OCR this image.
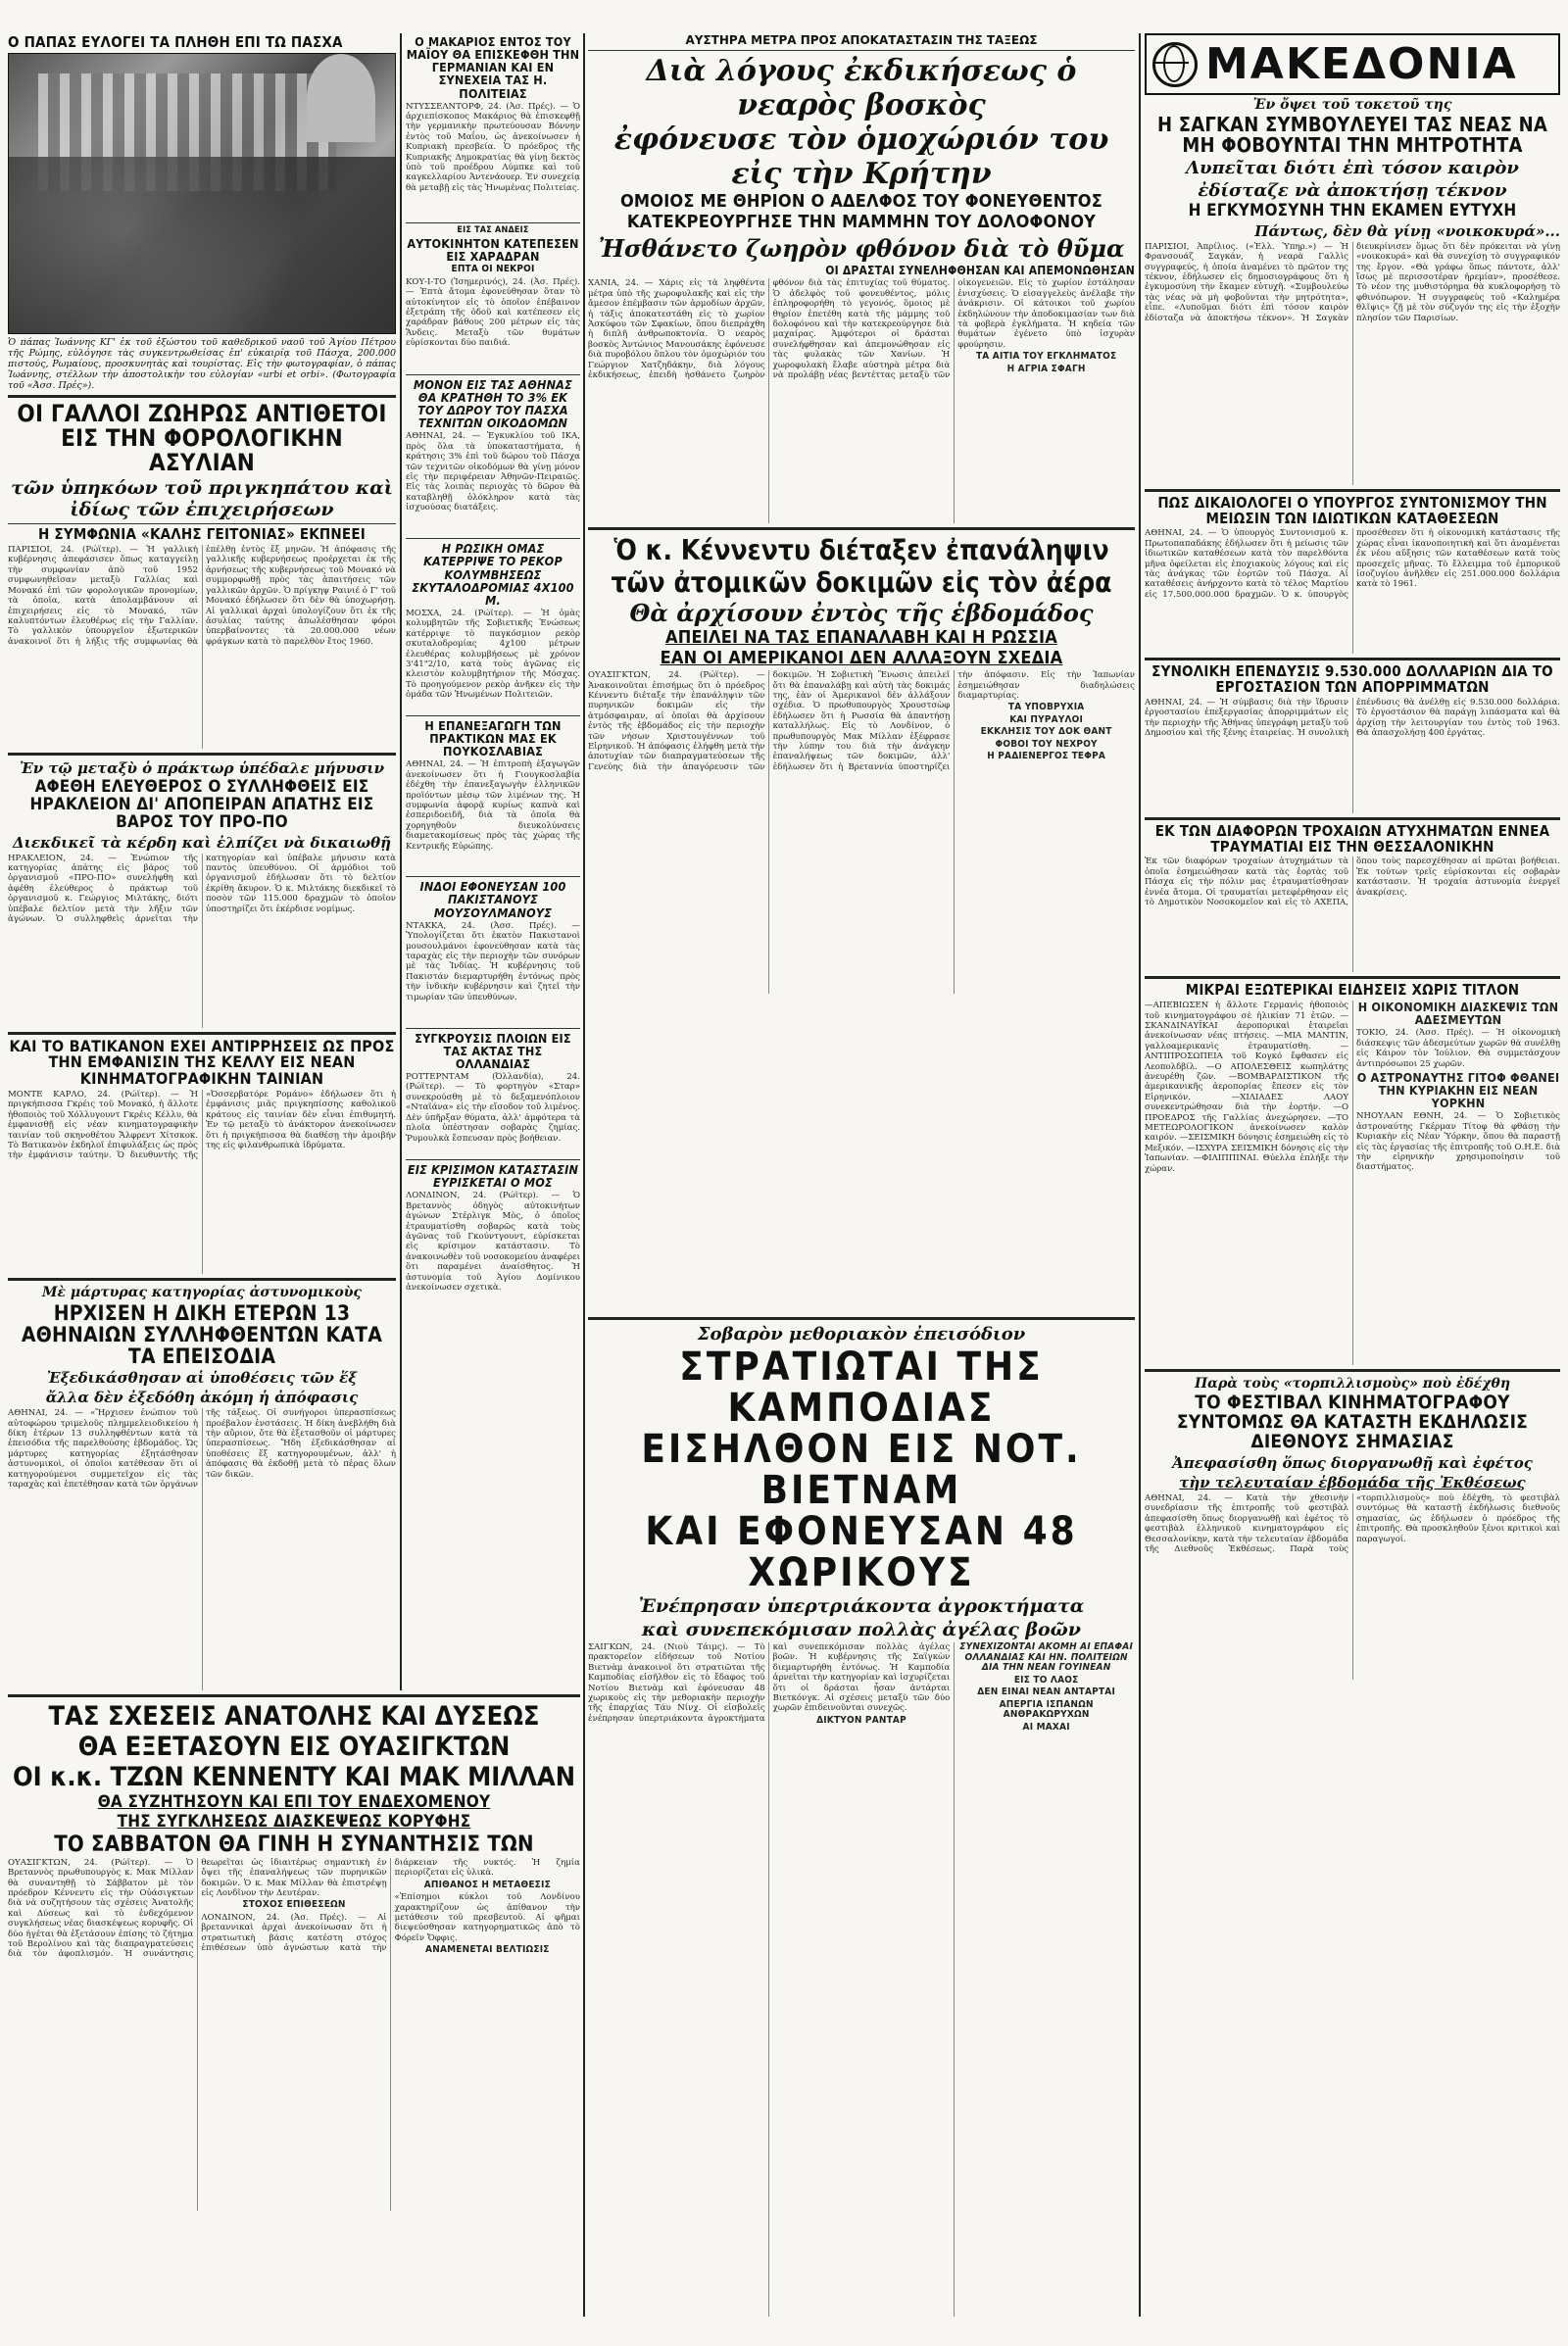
Ο ΠΑΠΑΣ ΕΥΛΟΓΕΙ ΤΑ ΠΛΗΘΗ ΕΠΙ ΤΩ ΠΑΣΧΑ
Ὁ πάπας Ἰωάννης ΚΓ' ἐκ τοῦ ἐξώστου τοῦ καθεδρικοῦ ναοῦ τοῦ Ἁγίου Πέτρου τῆς Ρώμης, εὐλόγησε τὰς συγκεντρωθείσας ἐπ' εὐκαιρίᾳ τοῦ Πάσχα, 200.000 πιστούς, Ρωμαίους, προσκυνητὰς καὶ τουρίστας. Εἰς τὴν φωτογραφίαν, ὁ πάπας Ἰωάννης, στέλλων τὴν ἀποστολικὴν του εὐλογίαν «urbi et orbi». (Φωτογραφία τοῦ «Ἀσσ. Πρές»).
ΟΙ ΓΑΛΛΟΙ ΖΩΗΡΩΣ ΑΝΤΙΘΕΤΟΙ ΕΙΣ ΤΗΝ ΦΟΡΟΛΟΓΙΚΗΝ ΑΣΥΛΙΑΝ
τῶν ὑπηκόων τοῦ πριγκηπάτου καὶ ἰδίως τῶν ἐπιχειρήσεων
Η ΣΥΜΦΩΝΙΑ «ΚΑΛΗΣ ΓΕΙΤΟΝΙΑΣ» ΕΚΠΝΕΕΙ
ΠΑΡΙΣΙΟΙ, 24. (Ρώϊτερ). — Ἡ γαλλικὴ κυβέρνησις ἀπεφάσισεν ὅπως καταγγείλῃ τὴν συμφωνίαν ἀπὸ τοῦ 1952 συμφωνηθεῖσαν μεταξὺ Γαλλίας καὶ Μονακό ἐπὶ τῶν φορολογικῶν προνομίων, τὰ ὁποῖα, κατὰ ἀπολαμβάνουν αἱ ἐπιχειρήσεις εἰς τὸ Μονακό, τῶν καλυπτόντων ἐλευθέρως εἰς τὴν Γαλλίαν. Τὸ γαλλικὸν ὑπουργεῖον ἐξωτερικῶν ἀνακοινοῖ ὅτι ἡ λήξις τῆς συμφωνίας θὰ ἐπέλθῃ ἐντὸς ἕξ μηνῶν. Ἡ ἀπόφασις τῆς γαλλικῆς κυβερνήσεως προέρχεται ἐκ τῆς ἀρνήσεως τῆς κυβερνήσεως τοῦ Μονακό νὰ συμμορφωθῇ πρὸς τὰς ἀπαιτήσεις τῶν γαλλικῶν ἀρχῶν. Ὁ πρίγκηψ Ραινιέ ὁ Γ' τοῦ Μονακό ἐδήλωσεν ὅτι δὲν θὰ ὑποχωρήσῃ. Αἱ γαλλικαὶ ἀρχαὶ ὑπολογίζουν ὅτι ἐκ τῆς ἀσυλίας ταύτης ἀπωλέσθησαν φόροι ὑπερβαίνοντες τὰ 20.000.000 νέων φράγκων κατὰ τὸ παρελθὸν ἔτος 1960.
Ἐν τῷ μεταξὺ ὁ πράκτωρ ὑπέδαλε μήνυσιν
ΑΦΕΘΗ ΕΛΕΥΘΕΡΟΣ Ο ΣΥΛΛΗΦΘΕΙΣ ΕΙΣ ΗΡΑΚΛΕΙΟΝ ΔΙ' ΑΠΟΠΕΙΡΑΝ ΑΠΑΤΗΣ ΕΙΣ ΒΑΡΟΣ ΤΟΥ ΠΡΟ-ΠΟ
Διεκδικεῖ τὰ κέρδη καὶ ἐλπίζει νὰ δικαιωθῇ
ΗΡΑΚΛΕΙΟΝ, 24. — Ἐνώπιον τῆς κατηγορίας ἀπάτης εἰς βάρος τοῦ ὀργανισμοῦ «ΠΡΟ-ΠΟ» συνελήφθη καὶ ἀφέθη ἐλεύθερος ὁ πράκτωρ τοῦ ὀργανισμοῦ κ. Γεώργιος Μιλτάκης, διότι ὑπέβαλε δελτίον μετὰ τὴν λῆξιν τῶν ἀγώνων. Ὁ συλληφθεὶς ἀρνεῖται τὴν κατηγορίαν καὶ ὑπέβαλε μήνυσιν κατὰ παντὸς ὑπευθύνου. Οἱ ἀρμόδιοι τοῦ ὀργανισμοῦ ἐδήλωσαν ὅτι τὸ δελτίον ἐκρίθη ἄκυρον. Ὁ κ. Μιλτάκης διεκδικεῖ τὸ ποσὸν τῶν 115.000 δραχμῶν τὸ ὁποῖον ὑποστηρίζει ὅτι ἐκέρδισε νομίμως.
ΚΑΙ ΤΟ ΒΑΤΙΚΑΝΟΝ ΕΧΕΙ ΑΝΤΙΡΡΗΣΕΙΣ ΩΣ ΠΡΟΣ ΤΗΝ ΕΜΦΑΝΙΣΙΝ ΤΗΣ ΚΕΛΛΥ ΕΙΣ ΝΕΑΝ ΚΙΝΗΜΑΤΟΓΡΑΦΙΚΗΝ ΤΑΙΝΙΑΝ
ΜΟΝΤΕ ΚΑΡΛΟ, 24. (Ρώϊτερ). — Ἡ πριγκήπισσα Γκρέις τοῦ Μονακό, ἡ ἄλλοτε ἠθοποιὸς τοῦ Χόλλυγουντ Γκρέις Κέλλυ, θὰ ἐμφανισθῇ εἰς νέαν κινηματογραφικὴν ταινίαν τοῦ σκηνοθέτου Ἄλφρεντ Χίτσκοκ. Τὸ Βατικανὸν ἐκδηλοῖ ἐπιφυλάξεις ὡς πρὸς τὴν ἐμφάνισιν ταύτην. Ὁ διευθυντὴς τῆς «Ὀσσερβατόρε Ρομάνο» ἐδήλωσεν ὅτι ἡ ἐμφάνισις μιᾶς πριγκηπίσσης καθολικοῦ κράτους εἰς ταινίαν δὲν εἶναι ἐπιθυμητή. Ἐν τῷ μεταξὺ τὸ ἀνάκτορον ἀνεκοίνωσεν ὅτι ἡ πριγκήπισσα θὰ διαθέσῃ τὴν ἀμοιβήν της εἰς φιλανθρωπικὰ ἱδρύματα.
Μὲ μάρτυρας κατηγορίας ἀστυνομικοὺς
ΗΡΧΙΣΕΝ Η ΔΙΚΗ ΕΤΕΡΩΝ 13 ΑΘΗΝΑΙΩΝ ΣΥΛΛΗΦΘΕΝΤΩΝ ΚΑΤΑ ΤΑ ΕΠΕΙΣΟΔΙΑ
Ἐξεδικάσθησαν αἱ ὑποθέσεις τῶν ἕξ
ἄλλα δὲν ἐξεδόθη ἀκόμη ἡ ἀπόφασις
ΑΘΗΝΑΙ, 24. — «Ἤρχισεν ἐνώπιον τοῦ αὐτοφώρου τριμελοῦς πλημμελειοδικείου ἡ δίκη ἑτέρων 13 συλληφθέντων κατὰ τὰ ἐπεισόδια τῆς παρελθούσης ἑβδομάδος. Ὡς μάρτυρες κατηγορίας ἐξητάσθησαν ἀστυνομικοὶ, οἱ ὁποῖοι κατέθεσαν ὅτι οἱ κατηγορούμενοι συμμετεῖχον εἰς τὰς ταραχὰς καὶ ἐπετέθησαν κατὰ τῶν ὀργάνων τῆς τάξεως. Οἱ συνήγοροι ὑπερασπίσεως προέβαλον ἐνστάσεις. Ἡ δίκη ἀνεβλήθη διὰ τὴν αὔριον, ὅτε θὰ ἐξετασθοῦν οἱ μάρτυρες ὑπερασπίσεως. Ἤδη ἐξεδικάσθησαν αἱ ὑποθέσεις ἕξ κατηγορουμένων, ἀλλ' ἡ ἀπόφασις θὰ ἐκδοθῇ μετὰ τὸ πέρας ὅλων τῶν δικῶν.
Ο ΜΑΚΑΡΙΟΣ ΕΝΤΟΣ ΤΟΥ ΜΑΪΟΥ ΘΑ ΕΠΙΣΚΕΦΘΗ ΤΗΝ ΓΕΡΜΑΝΙΑΝ ΚΑΙ ΕΝ ΣΥΝΕΧΕΙΑ ΤΑΣ Η. ΠΟΛΙΤΕΙΑΣ
ΝΤΥΣΣΕΛΝΤΟΡΦ, 24. (Ἀσ. Πρές). — Ὁ ἀρχιεπίσκοπος Μακάριος θὰ ἐπισκεφθῇ τὴν γερμανικὴν πρωτεύουσαν Βόννην ἐντὸς τοῦ Μαΐου, ὡς ἀνεκοίνωσεν ἡ Κυπριακὴ πρεσβεία. Ὁ πρόεδρος τῆς Κυπριακῆς Δημοκρατίας θὰ γίνῃ δεκτὸς ὑπὸ τοῦ προέδρου Λύμπκε καὶ τοῦ καγκελλαρίου Ἀντενάουερ. Ἐν συνεχείᾳ θὰ μεταβῇ εἰς τὰς Ἡνωμένας Πολιτείας.
ΕΙΣ ΤΑΣ ΑΝΔΕΙΣ
ΑΥΤΟΚΙΝΗΤΟΝ ΚΑΤΕΠΕΣΕΝ ΕΙΣ ΧΑΡΑΔΡΑΝ
ΕΠΤΑ ΟΙ ΝΕΚΡΟΙ
ΚΟΥ-Ι-ΤΟ (Ἰσημερινός), 24. (Ἀσ. Πρές). — Ἑπτὰ ἄτομα ἐφονεύθησαν ὅταν τὸ αὐτοκίνητον εἰς τὸ ὁποῖον ἐπέβαινον ἐξετράπη τῆς ὁδοῦ καὶ κατέπεσεν εἰς χαράδραν βάθους 200 μέτρων εἰς τὰς Ἄνδεις. Μεταξὺ τῶν θυμάτων εὑρίσκονται δύο παιδιά.
ΜΟΝΟΝ ΕΙΣ ΤΑΣ ΑΘΗΝΑΣ ΘΑ ΚΡΑΤΗΘΗ ΤΟ 3% ΕΚ ΤΟΥ ΔΩΡΟΥ ΤΟΥ ΠΑΣΧΑ ΤΕΧΝΙΤΩΝ ΟΙΚΟΔΟΜΩΝ
ΑΘΗΝΑΙ, 24. — Ἐγκυκλίου τοῦ ΙΚΑ, πρὸς ὅλα τὰ ὑποκαταστήματα, ἡ κράτησις 3% ἐπὶ τοῦ δώρου τοῦ Πάσχα τῶν τεχνιτῶν οἰκοδόμων θὰ γίνῃ μόνον εἰς τὴν περιφέρειαν Ἀθηνῶν-Πειραιῶς. Εἰς τὰς λοιπὰς περιοχὰς τὸ δῶρον θὰ καταβληθῇ ὁλόκληρον κατὰ τὰς ἰσχυούσας διατάξεις.
Η ΡΩΣΙΚΗ ΟΜΑΣ ΚΑΤΕΡΡΙΨΕ ΤΟ ΡΕΚΟΡ ΚΟΛΥΜΒΗΣΕΩΣ ΣΚΥΤΑΛΟΔΡΟΜΙΑΣ 4Χ100 Μ.
ΜΟΣΧΑ, 24. (Ρώϊτερ). — Ἡ ὀμὰς κολυμβητῶν τῆς Σοβιετικῆς Ἑνώσεως κατέρριψε τὸ παγκόσμιον ρεκὸρ σκυταλοδρομίας 4χ100 μέτρων ἐλευθέρας κολυμβήσεως μὲ χρόνον 3'41"2/10, κατὰ τοὺς ἀγῶνας εἰς κλειστὸν κολυμβητήριον τῆς Μόσχας. Τὸ προηγούμενον ρεκὸρ ἀνῆκεν εἰς τὴν ὁμάδα τῶν Ἡνωμένων Πολιτειῶν.
Η ΕΠΑΝΕΞΑΓΩΓΗ ΤΩΝ ΠΡΑΚΤΙΚΩΝ ΜΑΣ ΕΚ ΠΟΥΚΟΣΛΑΒΙΑΣ
ΑΘΗΝΑΙ, 24. — Ἡ ἐπιτροπὴ ἐξαγωγῶν ἀνεκοίνωσεν ὅτι ἡ Γιουγκοσλαβία ἐδέχθη τὴν ἐπανεξαγωγὴν ἑλληνικῶν προϊόντων μέσῳ τῶν λιμένων της. Ἡ συμφωνία ἀφορᾷ κυρίως καπνὰ καὶ ἐσπεριδοειδῆ, διὰ τὰ ὁποῖα θὰ χορηγηθοῦν διευκολύνσεις διαμετακομίσεως πρὸς τὰς χώρας τῆς Κεντρικῆς Εὐρώπης.
ΙΝΔΟΙ ΕΦΟΝΕΥΣΑΝ 100 ΠΑΚΙΣΤΑΝΟΥΣ ΜΟΥΣΟΥΛΜΑΝΟΥΣ
ΝΤΑΚΚΑ, 24. (Ἀσσ. Πρές). — Ὑπολογίζεται ὅτι ἑκατὸν Πακιστανοὶ μουσουλμάνοι ἐφονεύθησαν κατὰ τὰς ταραχὰς εἰς τὴν περιοχὴν τῶν συνόρων μὲ τὰς Ἰνδίας. Ἡ κυβέρνησις τοῦ Πακιστάν διεμαρτυρήθη ἐντόνως πρὸς τὴν ἰνδικὴν κυβέρνησιν καὶ ζητεῖ τὴν τιμωρίαν τῶν ὑπευθύνων.
ΣΥΓΚΡΟΥΣΙΣ ΠΛΟΙΩΝ ΕΙΣ ΤΑΣ ΑΚΤΑΣ ΤΗΣ ΟΛΛΑΝΔΙΑΣ
ΡΟΤΤΕΡΝΤΑΜ (Ὀλλανδία), 24. (Ρώϊτερ). — Τὸ φορτηγὸν «Σταρ» συνεκρούσθη μὲ τὸ δεξαμενόπλοιον «Νταϊάνα» εἰς τὴν εἴσοδον τοῦ λιμένος. Δὲν ὑπῆρξαν θύματα, ἀλλ' ἀμφότερα τὰ πλοῖα ὑπέστησαν σοβαρὰς ζημίας. Ῥυμουλκὰ ἔσπευσαν πρὸς βοήθειαν.
ΕΙΣ ΚΡΙΣΙΜΟΝ ΚΑΤΑΣΤΑΣΙΝ ΕΥΡΙΣΚΕΤΑΙ Ο ΜΟΣ
ΛΟΝΔΙΝΟΝ, 24. (Ρώϊτερ). — Ὁ Βρεταννὸς ὁδηγὸς αὐτοκινήτων ἀγώνων Στέρλιγκ Μὸς, ὁ ὁποῖος ἐτραυματίσθη σοβαρῶς κατὰ τοὺς ἀγῶνας τοῦ Γκούντγουντ, εὑρίσκεται εἰς κρίσιμον κατάστασιν. Τὸ ἀνακοινωθὲν τοῦ νοσοκομείου ἀναφέρει ὅτι παραμένει ἀναίσθητος. Ἡ ἀστυνομία τοῦ Ἁγίου Δομίνικου ἀνεκοίνωσεν σχετικὰ.
ΑΥΣΤΗΡΑ ΜΕΤΡΑ ΠΡΟΣ ΑΠΟΚΑΤΑΣΤΑΣΙΝ ΤΗΣ ΤΑΞΕΩΣ
Διὰ λόγους ἐκδικήσεως ὁ νεαρὸς βοσκὸς
ἐφόνευσε τὸν ὁμοχώριόν του εἰς τὴν Κρήτην
ΟΜΟΙΟΣ ΜΕ ΘΗΡΙΟΝ Ο ΑΔΕΛΦΟΣ ΤΟΥ ΦΟΝΕΥΘΕΝΤΟΣ
ΚΑΤΕΚΡΕΟΥΡΓΗΣΕ ΤΗΝ ΜΑΜΜΗΝ ΤΟΥ ΔΟΛΟΦΟΝΟΥ
Ἠσθάνετο ζωηρὸν φθόνον διὰ τὸ θῦμα
ΟΙ ΔΡΑΣΤΑΙ ΣΥΝΕΛΗΦΘΗΣΑΝ ΚΑΙ ΑΠΕΜΟΝΩΘΗΣΑΝ
ΧΑΝΙΑ, 24. — Χάρις εἰς τὰ ληφθέντα μέτρα ὑπὸ τῆς χωροφυλακῆς καὶ εἰς τὴν ἄμεσον ἐπέμβασιν τῶν ἀρμοδίων ἀρχῶν, ἡ τάξις ἀποκατεστάθη εἰς τὸ χωρίον Ἀσκύφου τῶν Σφακίων, ὅπου διεπράχθη ἡ διπλῆ ἀνθρωποκτονία. Ὁ νεαρὸς βοσκὸς Ἀντώνιος Μανουσάκης ἐφόνευσε διὰ πυροβόλου ὅπλου τὸν ὁμοχώριόν του Γεώργιον Χατζηδάκην, διὰ λόγους ἐκδικήσεως, ἐπειδὴ ἠσθάνετο ζωηρὸν φθόνον διὰ τὰς ἐπιτυχίας τοῦ θύματος. Ὁ ἀδελφὸς τοῦ φονευθέντος, μόλις ἐπληροφορήθη τὸ γεγονός, ὅμοιος μὲ θηρίον ἐπετέθη κατὰ τῆς μάμμης τοῦ δολοφόνου καὶ τὴν κατεκρεούργησε διὰ μαχαίρας. Ἀμφότεροι οἱ δράσται συνελήφθησαν καὶ ἀπεμονώθησαν εἰς τὰς φυλακὰς τῶν Χανίων. Ἡ χωροφυλακὴ ἔλαβε αὐστηρὰ μέτρα διὰ νὰ προλάβῃ νέας βεντέττας μεταξὺ τῶν οἰκογενειῶν. Εἰς τὸ χωρίον ἐστάλησαν ἐνισχύσεις. Ὁ εἰσαγγελεὺς ἀνέλαβε τὴν ἀνάκρισιν. Οἱ κάτοικοι τοῦ χωρίου ἐκδηλώνουν τὴν ἀποδοκιμασίαν των διὰ τὰ φοβερὰ ἐγκλήματα. Ἡ κηδεία τῶν θυμάτων ἐγένετο ὑπὸ ἰσχυρὰν φρούρησιν.
ΤΑ ΑΙΤΙΑ ΤΟΥ ΕΓΚΛΗΜΑΤΟΣ
Η ΑΓΡΙΑ ΣΦΑΓΗ
Ὁ κ. Κέννεντυ διέταξεν ἐπανάληψιν
τῶν ἀτομικῶν δοκιμῶν εἰς τὸν ἀέρα
Θὰ ἀρχίσουν ἐντὸς τῆς ἑβδομάδος
ΑΠΕΙΛΕΙ ΝΑ ΤΑΣ ΕΠΑΝΑΛΑΒΗ ΚΑΙ Η ΡΩΣΣΙΑ
ΕΑΝ ΟΙ ΑΜΕΡΙΚΑΝΟΙ ΔΕΝ ΑΛΛΑΞΟΥΝ ΣΧΕΔΙΑ
ΟΥΑΣΙΓΚΤΩΝ, 24. (Ρώϊτερ). — Ἀνακοινοῦται ἐπισήμως ὅτι ὁ πρόεδρος Κέννεντυ διέταξε τὴν ἐπανάληψιν τῶν πυρηνικῶν δοκιμῶν εἰς τὴν ἀτμόσφαιραν, αἱ ὁποῖαι θὰ ἀρχίσουν ἐντὸς τῆς ἑβδομάδος εἰς τὴν περιοχὴν τῶν νήσων Χριστουγέννων τοῦ Εἰρηνικοῦ. Ἡ ἀπόφασις ἐλήφθη μετὰ τὴν ἀποτυχίαν τῶν διαπραγματεύσεων τῆς Γενεύης διὰ τὴν ἀπαγόρευσιν τῶν δοκιμῶν. Ἡ Σοβιετικὴ Ἕνωσις ἀπειλεῖ ὅτι θὰ ἐπαναλάβῃ καὶ αὐτὴ τὰς δοκιμάς της, ἐὰν οἱ Ἀμερικανοὶ δὲν ἀλλάξουν σχέδια. Ὁ πρωθυπουργὸς Χρουστσὼφ ἐδήλωσεν ὅτι ἡ Ρωσσία θὰ ἀπαντήσῃ καταλλήλως. Εἰς τὸ Λονδίνον, ὁ πρωθυπουργὸς Μακ Μίλλαν ἐξέφρασε τὴν λύπην του διὰ τὴν ἀνάγκην ἐπαναλήψεως τῶν δοκιμῶν, ἀλλ' ἐδήλωσεν ὅτι ἡ Βρεταννία ὑποστηρίζει τὴν ἀπόφασιν. Εἰς τὴν Ἰαπωνίαν ἐσημειώθησαν διαδηλώσεις διαμαρτυρίας.
ΤΑ ΥΠΟΒΡΥΧΙΑ
ΚΑΙ ΠΥΡΑΥΛΟΙ
ΕΚΚΛΗΣΙΣ ΤΟΥ ΔΟΚ ΘΑΝΤ
ΦΟΒΟΙ ΤΟΥ ΝΕΧΡΟΥ
Η ΡΑΔΙΕΝΕΡΓΟΣ ΤΕΦΡΑ
ΜΑΚΕΔΟΝΙΑ
Ἐν ὄψει τοῦ τοκετοῦ της
Η ΣΑΓΚΑΝ ΣΥΜΒΟΥΛΕΥΕΙ ΤΑΣ ΝΕΑΣ ΝΑ ΜΗ ΦΟΒΟΥΝΤΑΙ ΤΗΝ ΜΗΤΡΟΤΗΤΑ
Λυπεῖται διότι ἐπὶ τόσον καιρὸν
ἐδίσταζε νὰ ἀποκτήσῃ τέκνον
Η ΕΓΚΥΜΟΣΥΝΗ ΤΗΝ ΕΚΑΜΕΝ ΕΥΤΥΧΗ
Πάντως, δὲν θὰ γίνῃ «νοικοκυρά»...
ΠΑΡΙΣΙΟΙ, Ἀπρίλιος. («Ἑλλ. Ὑπηρ.») — Ἡ Φρανσουάζ Σαγκάν, ἡ νεαρὰ Γαλλὶς συγγραφεύς, ἡ ὁποία ἀναμένει τὸ πρῶτον της τέκνον, ἐδήλωσεν εἰς δημοσιογράφους ὅτι ἡ ἐγκυμοσύνη τὴν ἔκαμεν εὐτυχῆ. «Συμβουλεύω τὰς νέας νὰ μὴ φοβοῦνται τὴν μητρότητα», εἶπε. «Λυποῦμαι διότι ἐπὶ τόσον καιρὸν ἐδίσταζα νὰ ἀποκτήσω τέκνον». Ἡ Σαγκὰν διευκρίνισεν ὅμως ὅτι δὲν πρόκειται νὰ γίνῃ «νοικοκυρά» καὶ θὰ συνεχίσῃ τὸ συγγραφικόν της ἔργον. «Θὰ γράφω ὅπως πάντοτε, ἀλλ' ἴσως μὲ περισσοτέραν ἠρεμίαν», προσέθεσε. Τὸ νέον της μυθιστόρημα θὰ κυκλοφορήσῃ τὸ φθινόπωρον. Ἡ συγγραφεὺς τοῦ «Καλημέρα θλῖψις» ζῇ μὲ τὸν σύζυγόν της εἰς τὴν ἐξοχὴν πλησίον τῶν Παρισίων.
ΠΩΣ ΔΙΚΑΙΟΛΟΓΕΙ Ο ΥΠΟΥΡΓΟΣ ΣΥΝΤΟΝΙΣΜΟΥ ΤΗΝ ΜΕΙΩΣΙΝ ΤΩΝ ΙΔΙΩΤΙΚΩΝ ΚΑΤΑΘΕΣΕΩΝ
ΑΘΗΝΑΙ, 24. — Ὁ ὑπουργὸς Συντονισμοῦ κ. Πρωτοπαπαδάκης ἐδήλωσεν ὅτι ἡ μείωσις τῶν ἰδιωτικῶν καταθέσεων κατὰ τὸν παρελθόντα μῆνα ὀφείλεται εἰς ἐποχιακοὺς λόγους καὶ εἰς τὰς ἀνάγκας τῶν ἑορτῶν τοῦ Πάσχα. Αἱ καταθέσεις ἀνήρχοντο κατὰ τὸ τέλος Μαρτίου εἰς 17.500.000.000 δραχμῶν. Ὁ κ. ὑπουργὸς προσέθεσεν ὅτι ἡ οἰκονομικὴ κατάστασις τῆς χώρας εἶναι ἱκανοποιητικὴ καὶ ὅτι ἀναμένεται ἐκ νέου αὔξησις τῶν καταθέσεων κατὰ τοὺς προσεχεῖς μῆνας. Τὸ ἔλλειμμα τοῦ ἐμπορικοῦ ἰσοζυγίου ἀνῆλθεν εἰς 251.000.000 δολλάρια κατὰ τὸ 1961.
ΣΥΝΟΛΙΚΗ ΕΠΕΝΔΥΣΙΣ 9.530.000 ΔΟΛΛΑΡΙΩΝ ΔΙΑ ΤΟ ΕΡΓΟΣΤΑΣΙΟΝ ΤΩΝ ΑΠΟΡΡΙΜΜΑΤΩΝ
ΑΘΗΝΑΙ, 24. — Ἡ σύμβασις διὰ τὴν ἵδρυσιν ἐργοστασίου ἐπεξεργασίας ἀπορριμμάτων εἰς τὴν περιοχὴν τῆς Ἀθήνας ὑπεγράφη μεταξὺ τοῦ Δημοσίου καὶ τῆς ξένης ἑταιρείας. Ἡ συνολικὴ ἐπένδυσις θὰ ἀνέλθῃ εἰς 9.530.000 δολλάρια. Τὸ ἐργοστάσιον θὰ παράγῃ λιπάσματα καὶ θὰ ἀρχίσῃ τὴν λειτουργίαν του ἐντὸς τοῦ 1963. Θὰ ἀπασχολήσῃ 400 ἐργάτας.
ΕΚ ΤΩΝ ΔΙΑΦΟΡΩΝ ΤΡΟΧΑΙΩΝ ΑΤΥΧΗΜΑΤΩΝ ΕΝΝΕΑ ΤΡΑΥΜΑΤΙΑΙ ΕΙΣ ΤΗΝ ΘΕΣΣΑΛΟΝΙΚΗΝ
Ἐκ τῶν διαφόρων τροχαίων ἀτυχημάτων τὰ ὁποῖα ἐσημειώθησαν κατὰ τὰς ἑορτὰς τοῦ Πάσχα εἰς τὴν πόλιν μας ἐτραυματίσθησαν ἐννέα ἄτομα. Οἱ τραυματίαι μετεφέρθησαν εἰς τὸ Δημοτικὸν Νοσοκομεῖον καὶ εἰς τὸ ΑΧΕΠΑ, ὅπου τοὺς παρεσχέθησαν αἱ πρῶται βοήθειαι. Ἐκ τούτων τρεῖς εὑρίσκονται εἰς σοβαρὰν κατάστασιν. Ἡ τροχαία ἀστυνομία ἐνεργεῖ ἀνακρίσεις.
ΜΙΚΡΑΙ ΕΞΩΤΕΡΙΚΑΙ ΕΙΔΗΣΕΙΣ ΧΩΡΙΣ ΤΙΤΛΟΝ
—ΑΠΕΒΙΩΣΕΝ ἡ ἄλλοτε Γερμανὶς ἠθοποιὸς τοῦ κινηματογράφου σὲ ἡλικίαν 71 ἐτῶν. —ΣΚΑΝΔΙΝΑΥΪΚΑΙ ἀεροπορικαὶ ἑταιρεῖαι ἀνεκοίνωσαν νέας πτήσεις. —ΜΙΑ ΜΑΝΤΙΝ, γαλλοαμερικανὶς ἐτραυματίσθη. —ΑΝΤΙΠΡΟΣΩΠΕΙΑ τοῦ Κογκό ἔφθασεν εἰς Λεοπολδβίλ. —Ο ΑΠΟΛΕΣΘΕΙΣ κωπηλάτης ἀνευρέθη ζῶν. —ΒΟΜΒΑΡΔΙΣΤΙΚΟΝ τῆς ἀμερικανικῆς ἀεροπορίας ἔπεσεν εἰς τὸν Εἰρηνικόν. —ΧΙΛΙΑΔΕΣ ΛΑΟΥ συνεκεντρώθησαν διὰ τὴν ἑορτήν. —Ο ΠΡΟΕΔΡΟΣ τῆς Γαλλίας ἀνεχώρησεν. —ΤΟ ΜΕΤΕΩΡΟΛΟΓΙΚΟΝ ἀνεκοίνωσεν καλὸν καιρόν. —ΣΕΙΣΜΙΚΗ δόνησις ἐσημειώθη εἰς τὸ Μεξικόν. —ΙΣΧΥΡΑ ΣΕΙΣΜΙΚΗ δόνησις εἰς τὴν Ἰαπωνίαν. —ΦΙΛΙΠΠΙΝΑΙ. Θύελλα ἐπλήξε τὴν χώραν.
Η ΟΙΚΟΝΟΜΙΚΗ ΔΙΑΣΚΕΨΙΣ ΤΩΝ ΑΔΕΣΜΕΥΤΩΝ
ΤΟΚΙΟ, 24. (Ἀσσ. Πρές). — Ἡ οἰκονομικὴ διάσκεψις τῶν ἀδεσμεύτων χωρῶν θὰ συνέλθῃ εἰς Κάιρον τὸν Ἰούλιον. Θὰ συμμετάσχουν ἀντιπρόσωποι 25 χωρῶν.
Ο ΑΣΤΡΟΝΑΥΤΗΣ ΓΙΤΟΦ ΦΘΑΝΕΙ ΤΗΝ ΚΥΡΙΑΚΗΝ ΕΙΣ ΝΕΑΝ ΥΟΡΚΗΝ
ΝΗΟΥΛΑΝ ΕΘΝΗ, 24. — Ὁ Σοβιετικὸς ἀστροναύτης Γκέρμαν Τίτοφ θὰ φθάσῃ τὴν Κυριακὴν εἰς Νέαν Ὑόρκην, ὅπου θὰ παραστῇ εἰς τὰς ἐργασίας τῆς ἐπιτροπῆς τοῦ Ο.Η.Ε. διὰ τὴν εἰρηνικὴν χρησιμοποίησιν τοῦ διαστήματος.
Παρὰ τοὺς «τορπιλλισμοὺς» ποὺ ἐδέχθη
ΤΟ ΦΕΣΤΙΒΑΛ ΚΙΝΗΜΑΤΟΓΡΑΦΟΥ ΣΥΝΤΟΜΩΣ ΘΑ ΚΑΤΑΣΤΗ ΕΚΔΗΛΩΣΙΣ ΔΙΕΘΝΟΥΣ ΣΗΜΑΣΙΑΣ
Ἀπεφασίσθη ὅπως διοργανωθῇ καὶ ἐφέτος
τὴν τελευταίαν ἑβδομάδα τῆς Ἐκθέσεως
ΑΘΗΝΑΙ, 24. — Κατὰ τὴν χθεσινὴν συνεδρίασιν τῆς ἐπιτροπῆς τοῦ φεστιβὰλ ἀπεφασίσθη ὅπως διοργανωθῇ καὶ ἐφέτος τὸ φεστιβὰλ ἑλληνικοῦ κινηματογράφου εἰς Θεσσαλονίκην, κατὰ τὴν τελευταίαν ἑβδομάδα τῆς Διεθνοῦς Ἐκθέσεως. Παρὰ τοὺς «τορπιλλισμοὺς» ποὺ ἐδέχθη, τὸ φεστιβὰλ συντόμως θὰ καταστῇ ἐκδήλωσις διεθνοῦς σημασίας, ὡς ἐδήλωσεν ὁ πρόεδρος τῆς ἐπιτροπῆς. Θὰ προσκληθοῦν ξένοι κριτικοὶ καὶ παραγωγοί.
Σοβαρὸν μεθοριακὸν ἐπεισόδιον
ΣΤΡΑΤΙΩΤΑΙ ΤΗΣ ΚΑΜΠΟΔΙΑΣ
ΕΙΣΗΛΘΟΝ ΕΙΣ ΝΟΤ. ΒΙΕΤΝΑΜ
ΚΑΙ ΕΦΟΝΕΥΣΑΝ 48 ΧΩΡΙΚΟΥΣ
Ἐνέπρησαν ὑπερτριάκοντα ἀγροκτήματα
καὶ συνεπεκόμισαν πολλὰς ἀγέλας βοῶν
ΣΑΪΓΚΩΝ, 24. (Νιοὺ Τάιμς). — Τὸ πρακτορεῖον εἰδήσεων τοῦ Νοτίου Βιετνὰμ ἀνακοινοῖ ὅτι στρατιῶται τῆς Καμποδίας εἰσῆλθον εἰς τὸ ἔδαφος τοῦ Νοτίου Βιετνὰμ καὶ ἐφόνευσαν 48 χωρικοὺς εἰς τὴν μεθοριακὴν περιοχὴν τῆς ἐπαρχίας Τάυ Νίνχ. Οἱ εἰσβολεῖς ἐνέπρησαν ὑπερτριάκοντα ἀγροκτήματα καὶ συνεπεκόμισαν πολλὰς ἀγέλας βοῶν. Ἡ κυβέρνησις τῆς Σαϊγκὼν διεμαρτυρήθη ἐντόνως. Ἡ Καμποδία ἀρνεῖται τὴν κατηγορίαν καὶ ἰσχυρίζεται ὅτι οἱ δράσται ἦσαν ἀντάρται Βιετκόνγκ. Αἱ σχέσεις μεταξὺ τῶν δύο χωρῶν ἐπιδεινοῦνται συνεχῶς.
ΔΙΚΤΥΟΝ ΡΑΝΤΑΡ
ΣΥΝΕΧΙΖΟΝΤΑΙ ΑΚΟΜΗ ΑΙ ΕΠΑΦΑΙ ΟΛΛΑΝΔΙΑΣ ΚΑΙ ΗΝ. ΠΟΛΙΤΕΙΩΝ ΔΙΑ ΤΗΝ ΝΕΑΝ ΓΟΥΙΝΕΑΝ
ΕΙΣ ΤΟ ΛΑΟΣ
ΔΕΝ ΕΙΝΑΙ ΝΕΑΝ ΑΝΤΑΡΤΑΙ
ΑΠΕΡΓΙΑ ΙΣΠΑΝΩΝ ΑΝΘΡΑΚΩΡΥΧΩΝ
ΑΙ ΜΑΧΑΙ
ΤΑΣ ΣΧΕΣΕΙΣ ΑΝΑΤΟΛΗΣ ΚΑΙ ΔΥΣΕΩΣ
ΘΑ ΕΞΕΤΑΣΟΥΝ ΕΙΣ ΟΥΑΣΙΓΚΤΩΝ
ΟΙ κ.κ. ΤΖΩΝ ΚΕΝΝΕΝΤΥ ΚΑΙ ΜΑΚ ΜΙΛΛΑΝ
ΘΑ ΣΥΖΗΤΗΣΟΥΝ ΚΑΙ ΕΠΙ ΤΟΥ ΕΝΔΕΧΟΜΕΝΟΥ
ΤΗΣ ΣΥΓΚΛΗΣΕΩΣ ΔΙΑΣΚΕΨΕΩΣ ΚΟΡΥΦΗΣ
ΤΟ ΣΑΒΒΑΤΟΝ ΘΑ ΓΙΝΗ Η ΣΥΝΑΝΤΗΣΙΣ ΤΩΝ
ΟΥΑΣΙΓΚΤΩΝ, 24. (Ρώϊτερ). — Ὁ Βρεταννὸς πρωθυπουργὸς κ. Μακ Μίλλαν θὰ συναντηθῇ τὸ Σάββατον μὲ τὸν πρόεδρον Κέννεντυ εἰς τὴν Οὐάσιγκτων διὰ νὰ συζητήσουν τὰς σχέσεις Ἀνατολῆς καὶ Δύσεως καὶ τὸ ἐνδεχόμενον συγκλήσεως νέας διασκέψεως κορυφῆς. Οἱ δύο ἡγέται θὰ ἐξετάσουν ἐπίσης τὸ ζήτημα τοῦ Βερολίνου καὶ τὰς διαπραγματεύσεις διὰ τὸν ἀφοπλισμόν. Ἡ συνάντησις θεωρεῖται ὡς ἰδιαιτέρως σημαντικὴ ἐν ὄψει τῆς ἐπαναλήψεως τῶν πυρηνικῶν δοκιμῶν. Ὁ κ. Μακ Μίλλαν θὰ ἐπιστρέψῃ εἰς Λονδῖνον τὴν Δευτέραν.
ΣΤΟΧΟΣ ΕΠΙΘΕΣΕΩΝ
ΛΟΝΔΙΝΟΝ, 24. (Ἀσ. Πρές). — Αἱ βρεταννικαὶ ἀρχαὶ ἀνεκοίνωσαν ὅτι ἡ στρατιωτικὴ βάσις κατέστη στόχος ἐπιθέσεων ὑπὸ ἀγνώστων κατὰ τὴν διάρκειαν τῆς νυκτός. Ἡ ζημία περιορίζεται εἰς ὑλικὰ.
ΑΠΙΘΑΝΟΣ Η ΜΕΤΑΘΕΣΙΣ
«Ἐπίσημοι κύκλοι τοῦ Λονδίνου χαρακτηρίζουν ὡς ἀπίθανον τὴν μετάθεσιν τοῦ πρεσβευτοῦ. Αἱ φῆμαι διεψεύσθησαν κατηγορηματικῶς ἀπὸ τὸ Φόρεϊν Ὄφφις.
ΑΝΑΜΕΝΕΤΑΙ ΒΕΛΤΙΩΣΙΣ
